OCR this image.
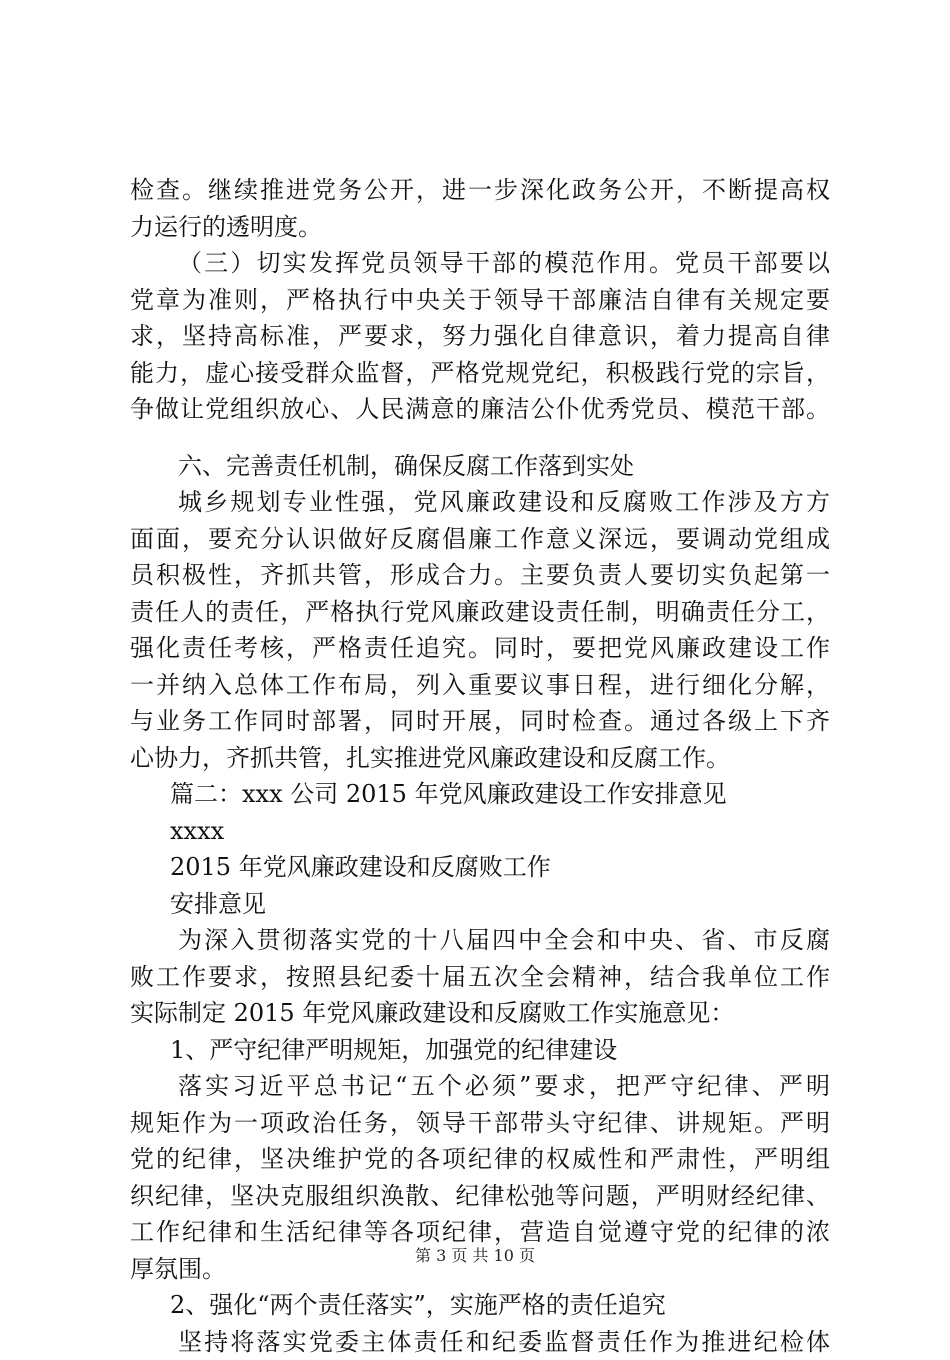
检查。继续推进党务公开，进一步深化政务公开，不断提高权
力运行的透明度。
（三）切实发挥党员领导干部的模范作用。党员干部要以
党章为准则，严格执行中央关于领导干部廉洁自律有关规定要
求，坚持高标准，严要求，努力强化自律意识，着力提高自律
能力，虚心接受群众监督，严格党规党纪，积极践行党的宗旨，
争做让党组织放心、人民满意的廉洁公仆优秀党员、模范干部。
六、完善责任机制，确保反腐工作落到实处
城乡规划专业性强，党风廉政建设和反腐败工作涉及方方
面面，要充分认识做好反腐倡廉工作意义深远，要调动党组成
员积极性，齐抓共管，形成合力。主要负责人要切实负起第一
责任人的责任，严格执行党风廉政建设责任制，明确责任分工，
强化责任考核，严格责任追究。同时，要把党风廉政建设工作
一并纳入总体工作布局，列入重要议事日程，进行细化分解，
与业务工作同时部署，同时开展，同时检查。通过各级上下齐
心协力，齐抓共管，扎实推进党风廉政建设和反腐工作。
篇二：xxx 公司 2015 年党风廉政建设工作安排意见
xxxx
2015 年党风廉政建设和反腐败工作
安排意见
为深入贯彻落实党的十八届四中全会和中央、省、市反腐
败工作要求，按照县纪委十届五次全会精神，结合我单位工作
实际制定 2015 年党风廉政建设和反腐败工作实施意见：
1、严守纪律严明规矩，加强党的纪律建设
落实习近平总书记“五个必须”要求，把严守纪律、严明
规矩作为一项政治任务，领导干部带头守纪律、讲规矩。严明
党的纪律，坚决维护党的各项纪律的权威性和严肃性，严明组
织纪律，坚决克服组织涣散、纪律松弛等问题，严明财经纪律、
工作纪律和生活纪律等各项纪律，营造自觉遵守党的纪律的浓
厚氛围。
2、强化“两个责任落实”，实施严格的责任追究
坚持将落实党委主体责任和纪委监督责任作为推进纪检体
第 3 页 共 10 页
